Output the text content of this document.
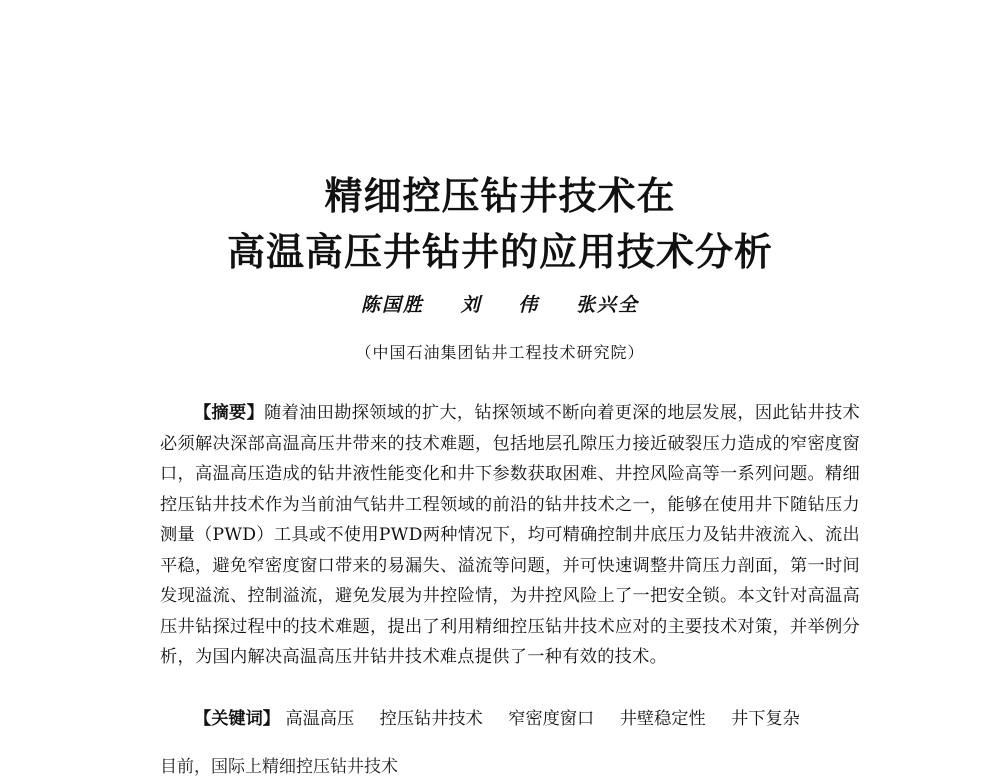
精细控压钻井技术在
高温高压井钻井的应用技术分析
陈国胜 刘 伟 张兴全
（中国石油集团钻井工程技术研究院）
【摘要】随着油田勘探领域的扩大，钻探领域不断向着更深的地层发展，因此钻井技术必须解决深部高温高压井带来的技术难题，包括地层孔隙压力接近破裂压力造成的窄密度窗口，高温高压造成的钻井液性能变化和井下参数获取困难、井控风险高等一系列问题。精细控压钻井技术作为当前油气钻井工程领域的前沿的钻井技术之一，能够在使用井下随钻压力测量（PWD）工具或不使用PWD两种情况下，均可精确控制井底压力及钻井液流入、流出平稳，避免窄密度窗口带来的易漏失、溢流等问题，并可快速调整井筒压力剖面，第一时间发现溢流、控制溢流，避免发展为井控险情，为井控风险上了一把安全锁。本文针对高温高压井钻探过程中的技术难题，提出了利用精细控压钻井技术应对的主要技术对策，并举例分析，为国内解决高温高压井钻井技术难点提供了一种有效的技术。
【关键词】 高温高压 控压钻井技术 窄密度窗口 井壁稳定性 井下复杂
目前，国际上精细控压钻井技术
